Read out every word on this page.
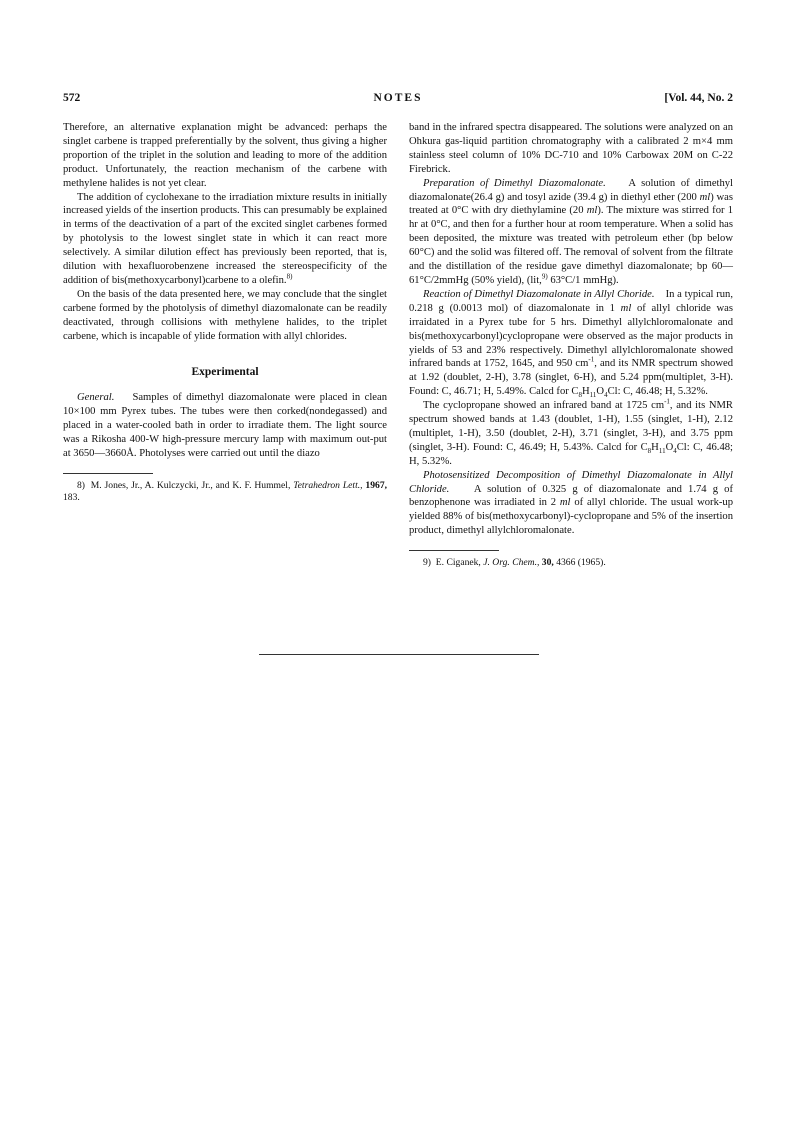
572	NOTES	[Vol. 44, No. 2

Therefore, an alternative explanation might be advanced: perhaps the singlet carbene is trapped preferentially by the solvent, thus giving a higher proportion of the triplet in the solution and leading to more of the addition product. Unfortunately, the reaction mechanism of the carbene with methylene halides is not yet clear.

The addition of cyclohexane to the irradiation mixture results in initially increased yields of the insertion products. This can presumably be explained in terms of the deactivation of a part of the excited singlet carbenes formed by photolysis to the lowest singlet state in which it can react more selectively. A similar dilution effect has previously been reported, that is, dilution with hexafluorobenzene increased the stereospecificity of the addition of bis(methoxycarbonyl)carbene to a olefin.$^{8)}$

On the basis of the data presented here, we may conclude that the singlet carbene formed by the photolysis of dimethyl diazomalonate can be readily deactivated, through collisions with methylene halides, to the triplet carbene, which is incapable of ylide formation with allyl chlorides.

Experimental

General. Samples of dimethyl diazomalonate were placed in clean 10×100 mm Pyrex tubes. The tubes were then corked(nondegassed) and placed in a water-cooled bath in order to irradiate them. The light source was a Rikosha 400-W high-pressure mercury lamp with maximum out-put at 3650—3660Å. Photolyses were carried out until the diazo

8) M. Jones, Jr., A. Kulczycki, Jr., and K. F. Hummel, Tetrahedron Lett., 1967, 183.

band in the infrared spectra disappeared. The solutions were analyzed on an Ohkura gas-liquid partition chromatography with a calibrated 2 m×4 mm stainless steel column of 10% DC-710 and 10% Carbowax 20M on C-22 Firebrick.

Preparation of Dimethyl Diazomalonate. A solution of dimethyl diazomalonate(26.4 g) and tosyl azide (39.4 g) in diethyl ether (200 ml) was treated at 0°C with dry diethylamine (20 ml). The mixture was stirred for 1 hr at 0°C, and then for a further hour at room temperature. When a solid has been deposited, the mixture was treated with petroleum ether (bp below 60°C) and the solid was filtered off. The removal of solvent from the filtrate and the distillation of the residue gave dimethyl diazomalonate; bp 60—61°C/2mmHg (50% yield), (lit,$^{9)}$ 63°C/1 mmHg).

Reaction of Dimethyl Diazomalonate in Allyl Choride. In a typical run, 0.218 g (0.0013 mol) of diazomalonate in 1 ml of allyl chloride was irraidated in a Pyrex tube for 5 hrs. Dimethyl allylchloromalonate and bis(methoxycarbonyl)cyclopropane were observed as the major products in yields of 53 and 23% respectively. Dimethyl allylchloromalonate showed infrared bands at 1752, 1645, and 950 $cm^{-1}$, and its NMR spectrum showed at 1.92 (doublet, 2-H), 3.78 (singlet, 6-H), and 5.24 ppm(multiplet, 3-H). Found: C, 46.71; H, 5.49%. Calcd for $C_8H_{11}O_4Cl$: C, 46.48; H, 5.32%.

The cyclopropane showed an infrared band at 1725 $cm^{-1}$, and its NMR spectrum showed bands at 1.43 (doublet, 1-H), 1.55 (singlet, 1-H), 2.12 (multiplet, 1-H), 3.50 (doublet, 2-H), 3.71 (singlet, 3-H), and 3.75 ppm (singlet, 3-H). Found: C, 46.49; H, 5.43%. Calcd for $C_8H_{11}O_4Cl$: C, 46.48; H, 5.32%.

Photosensitized Decomposition of Dimethyl Diazomalonate in Allyl Chloride. A solution of 0.325 g of diazomalonate and 1.74 g of benzophenone was irradiated in 2 ml of allyl chloride. The usual work-up yielded 88% of bis(methoxycarbonyl)-cyclopropane and 5% of the insertion product, dimethyl allylchloromalonate.

9) E. Ciganek, J. Org. Chem., 30, 4366 (1965).
